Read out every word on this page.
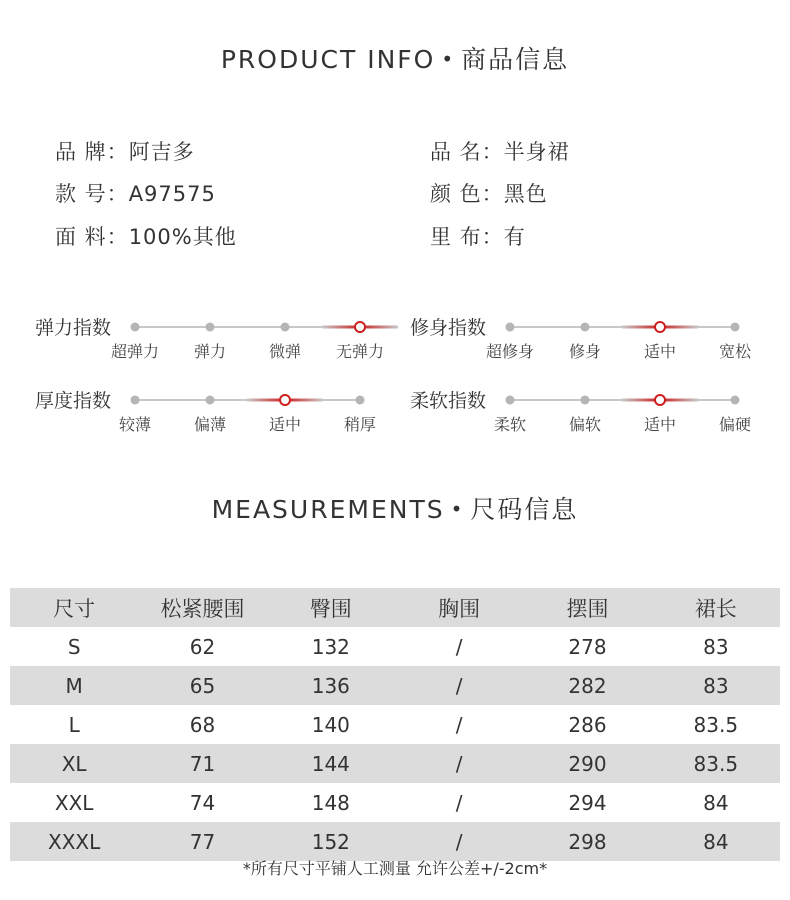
PRODUCT INFO • 商品信息
品 牌：阿吉多	品 名：半身裙
款 号：A97575	颜 色：黑色
面 料：100%其他	里 布：有
弹力指数
超弹力 弹力	微弹 无弹力
修身指数
超修身 修身	适中	宽松
厚度指数
较薄	偏薄	适中	稍厚
柔软指数
柔软	偏软	适中	偏硬
MEASUREMENTS • 尺码信息
尺寸	松紧腰围	臀围	胸围	摆围	裙长
S	62	132	/	278	83
M	65	136	/	282	83
L	68	140	/	286	83.5
XL	71	144	/	290	83.5
XXL	74	148	/	294	84
XXXL	77	152	/	298	84
*所有尺寸平铺人工测量 允许公差+/-2cm*
